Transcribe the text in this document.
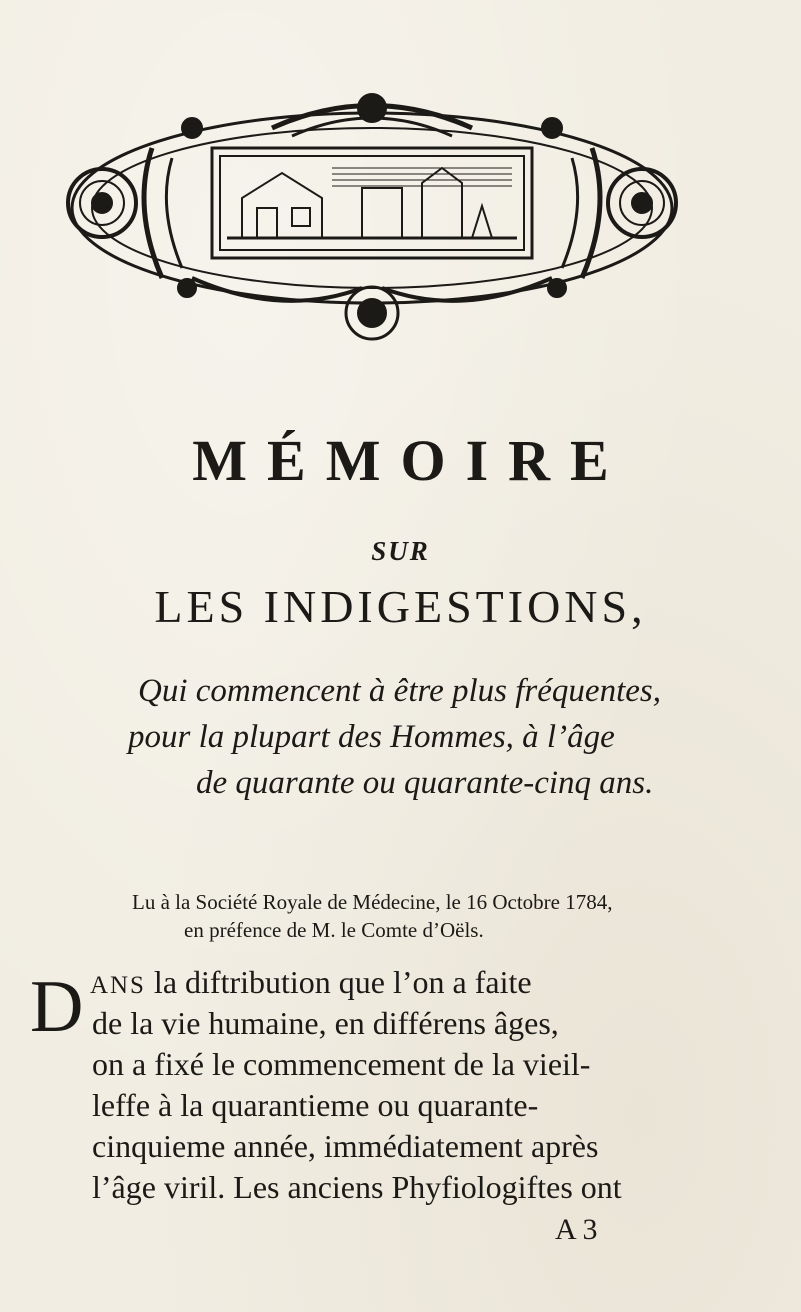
MÉMOIRE
SUR
LES INDIGESTIONS,
Qui commencent à être plus fréquentes,
pour la plupart des Hommes, à l’âge
de quarante ou quarante-cinq ans.
Lu à la Société Royale de Médecine, le 16 Octobre 1784,
en préfence de M. le Comte d’Oëls.
D ANS la diftribution que l’on a faite
de la vie humaine, en différens âges,
on a fixé le commencement de la vieil-
leffe à la quarantieme ou quarante-
cinquieme année, immédiatement après
l’âge viril. Les anciens Phyfiologiftes ont
A 3
